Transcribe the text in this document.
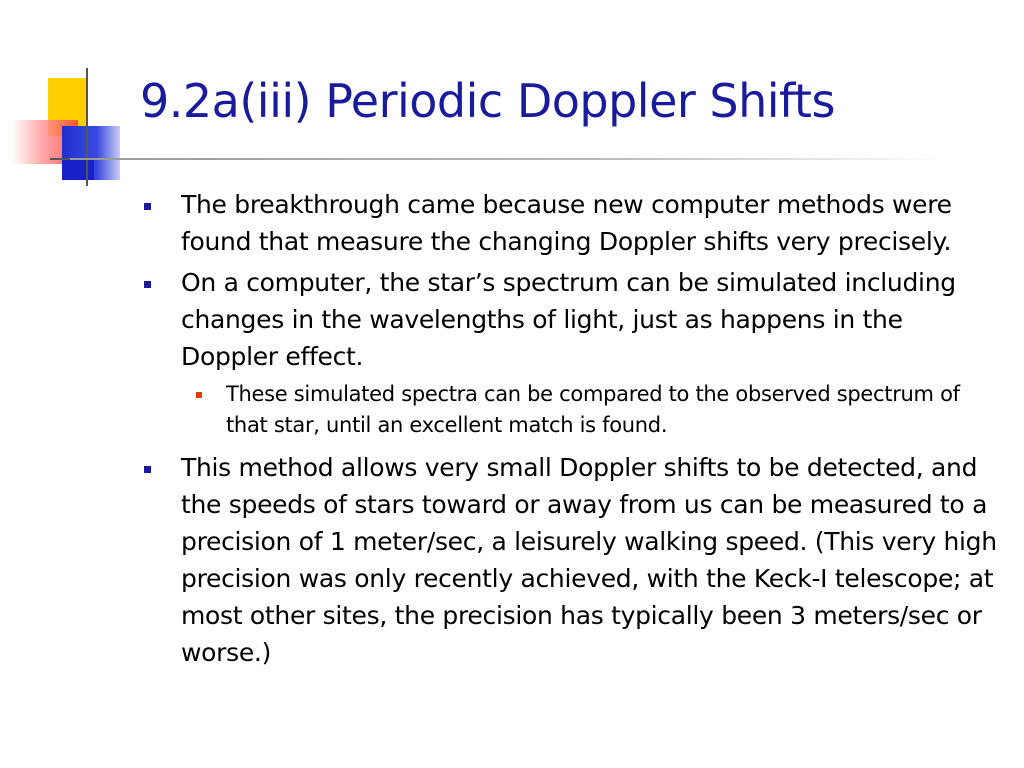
9.2a(iii) Periodic Doppler Shifts
The breakthrough came because new computer methods were found that measure the changing Doppler shifts very precisely.
On a computer, the star’s spectrum can be simulated including changes in the wavelengths of light, just as happens in the Doppler effect.
These simulated spectra can be compared to the observed spectrum of that star, until an excellent match is found.
This method allows very small Doppler shifts to be detected, and the speeds of stars toward or away from us can be measured to a precision of 1 meter/sec, a leisurely walking speed. (This very high precision was only recently achieved, with the Keck-I telescope; at most other sites, the precision has typically been 3 meters/sec or worse.)
